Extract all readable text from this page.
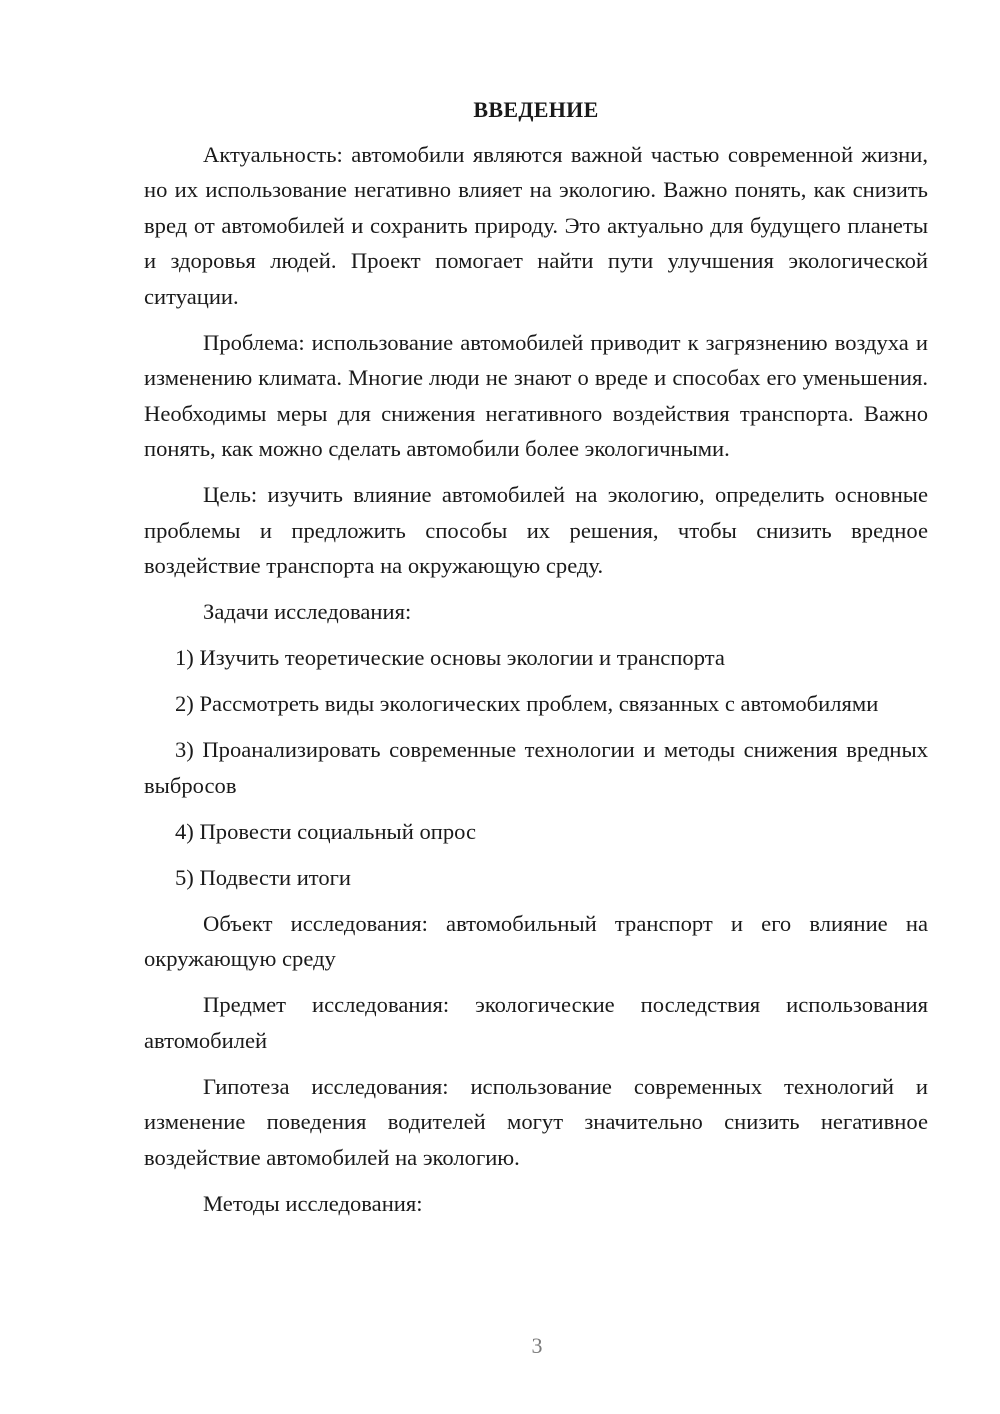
ВВЕДЕНИЕ

Актуальность: автомобили являются важной частью современной жизни, но их использование негативно влияет на экологию. Важно понять, как снизить вред от автомобилей и сохранить природу. Это актуально для будущего планеты и здоровья людей. Проект помогает найти пути улучшения экологической ситуации.

Проблема: использование автомобилей приводит к загрязнению воздуха и изменению климата. Многие люди не знают о вреде и способах его уменьшения. Необходимы меры для снижения негативного воздействия транспорта. Важно понять, как можно сделать автомобили более экологичными.

Цель: изучить влияние автомобилей на экологию, определить основные проблемы и предложить способы их решения, чтобы снизить вредное воздействие транспорта на окружающую среду.

Задачи исследования:

1) Изучить теоретические основы экологии и транспорта

2) Рассмотреть виды экологических проблем, связанных с автомобилями

3) Проанализировать современные технологии и методы снижения вредных выбросов

4) Провести социальный опрос

5) Подвести итоги

Объект исследования: автомобильный транспорт и его влияние на окружающую среду

Предмет исследования: экологические последствия использования автомобилей

Гипотеза исследования: использование современных технологий и изменение поведения водителей могут значительно снизить негативное воздействие автомобилей на экологию.

Методы исследования:

3
